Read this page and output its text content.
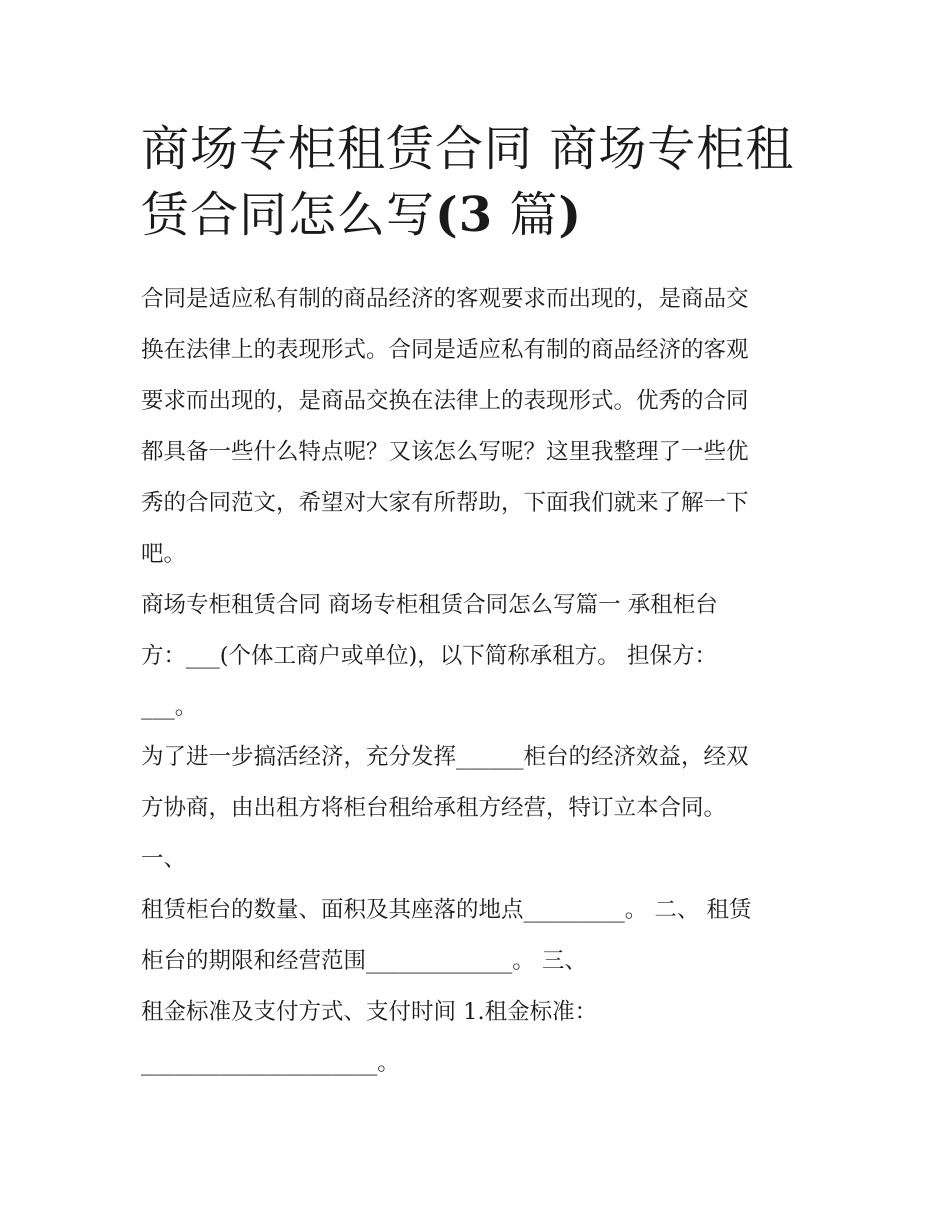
商场专柜租赁合同 商场专柜租
赁合同怎么写(3 篇)
合同是适应私有制的商品经济的客观要求而出现的，是商品交
换在法律上的表现形式。合同是适应私有制的商品经济的客观
要求而出现的，是商品交换在法律上的表现形式。优秀的合同
都具备一些什么特点呢？又该怎么写呢？这里我整理了一些优
秀的合同范文，希望对大家有所帮助，下面我们就来了解一下
吧。
商场专柜租赁合同 商场专柜租赁合同怎么写篇一 承租柜台
方：___(个体工商户或单位)，以下简称承租方。 担保方：
___。
为了进一步搞活经济，充分发挥______柜台的经济效益，经双
方协商，由出租方将柜台租给承租方经营，特订立本合同。
一、
租赁柜台的数量、面积及其座落的地点_________。 二、 租赁
柜台的期限和经营范围_____________。 三、
租金标准及支付方式、支付时间 1.租金标准：
_____________________。
